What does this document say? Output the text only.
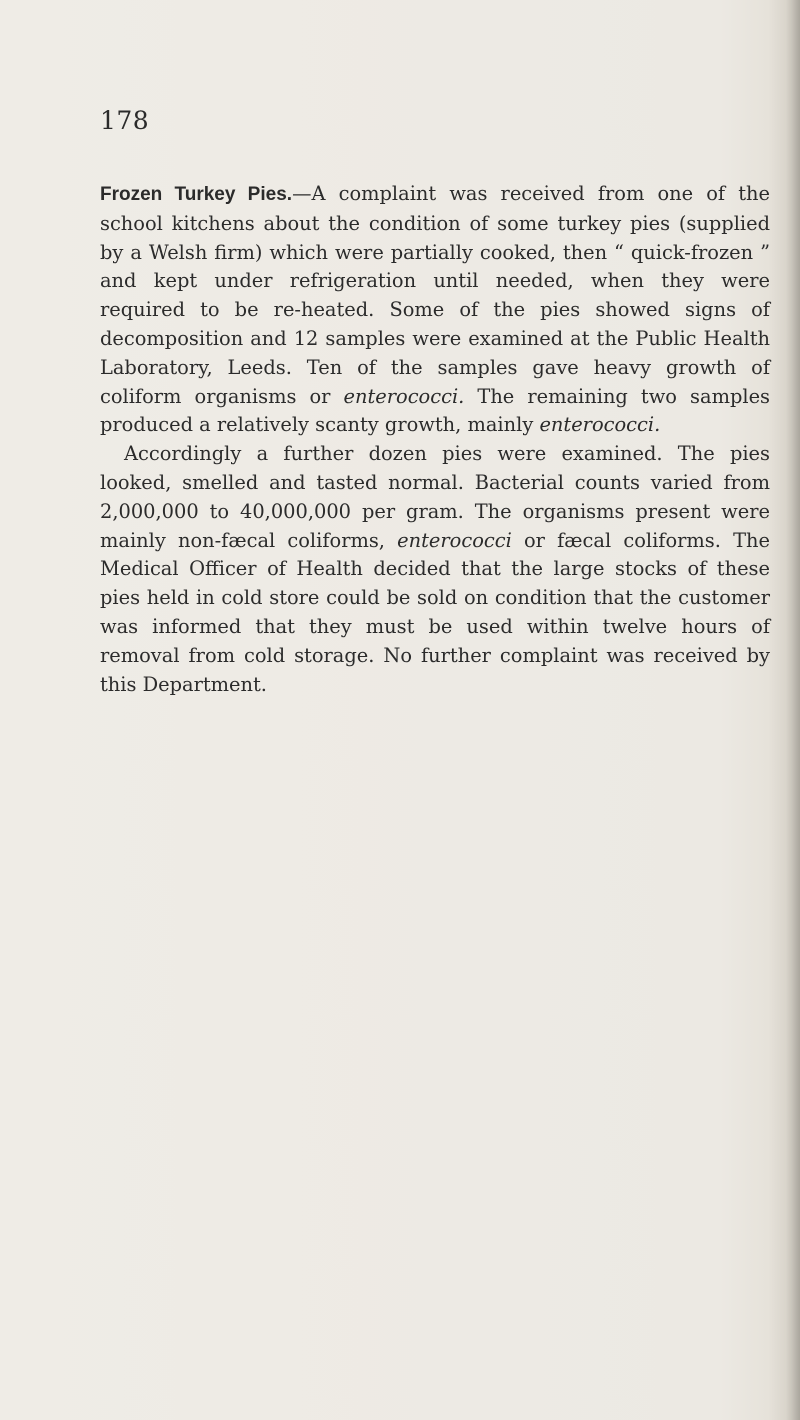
178

Frozen Turkey Pies.—A complaint was received from one of the school kitchens about the condition of some turkey pies (supplied by a Welsh firm) which were partially cooked, then “ quick-frozen ” and kept under refrigeration until needed, when they were required to be re-heated. Some of the pies showed signs of decomposition and 12 samples were examined at the Public Health Laboratory, Leeds. Ten of the samples gave heavy growth of coliform organisms or enterococci. The remaining two samples produced a relatively scanty growth, mainly enterococci.

Accordingly a further dozen pies were examined. The pies looked, smelled and tasted normal. Bacterial counts varied from 2,000,000 to 40,000,000 per gram. The organisms present were mainly non-fæcal coliforms, enterococci or fæcal coliforms. The Medical Officer of Health decided that the large stocks of these pies held in cold store could be sold on condition that the customer was informed that they must be used within twelve hours of removal from cold storage. No further complaint was received by this Department.
